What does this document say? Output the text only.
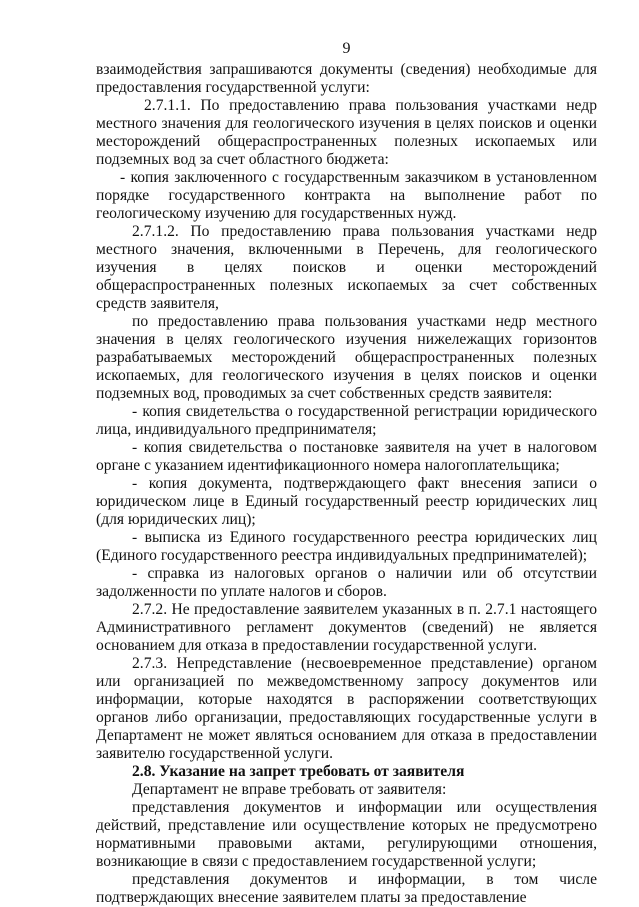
9

взаимодействия запрашиваются документы (сведения) необходимые для предоставления государственной услуги:

2.7.1.1. По предоставлению права пользования участками недр местного значения для геологического изучения в целях поисков и оценки месторождений общераспространенных полезных ископаемых или подземных вод за счет областного бюджета:

- копия заключенного с государственным заказчиком в установленном порядке государственного контракта на выполнение работ по геологическому изучению для государственных нужд.

2.7.1.2. По предоставлению права пользования участками недр местного значения, включенными в Перечень, для геологического изучения в целях поисков и оценки месторождений общераспространенных полезных ископаемых за счет собственных средств заявителя,

по предоставлению права пользования участками недр местного значения в целях геологического изучения нижележащих горизонтов разрабатываемых месторождений общераспространенных полезных ископаемых, для геологического изучения в целях поисков и оценки подземных вод, проводимых за счет собственных средств заявителя:

- копия свидетельства о государственной регистрации юридического лица, индивидуального предпринимателя;

- копия свидетельства о постановке заявителя на учет в налоговом органе с указанием идентификационного номера налогоплательщика;

- копия документа, подтверждающего факт внесения записи о юридическом лице в Единый государственный реестр юридических лиц (для юридических лиц);

- выписка из Единого государственного реестра юридических лиц (Единого государственного реестра индивидуальных предпринимателей);

- справка из налоговых органов о наличии или об отсутствии задолженности по уплате налогов и сборов.

2.7.2. Не предоставление заявителем указанных в п. 2.7.1 настоящего Административного регламент документов (сведений) не является основанием для отказа в предоставлении государственной услуги.

2.7.3. Непредставление (несвоевременное представление) органом или организацией по межведомственному запросу документов или информации, которые находятся в распоряжении соответствующих органов либо организации, предоставляющих государственные услуги в Департамент не может являться основанием для отказа в предоставлении заявителю государственной услуги.

2.8. Указание на запрет требовать от заявителя

Департамент не вправе требовать от заявителя:

представления документов и информации или осуществления действий, представление или осуществление которых не предусмотрено нормативными правовыми актами, регулирующими отношения, возникающие в связи с предоставлением государственной услуги;

представления документов и информации, в том числе подтверждающих внесение заявителем платы за предоставление
